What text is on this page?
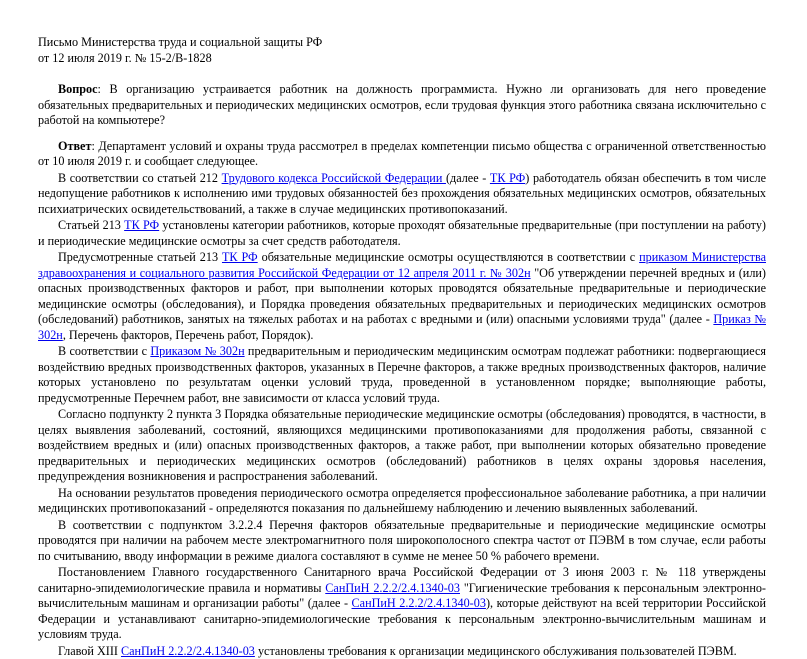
Письмо Министерства труда и социальной защиты РФ
от 12 июля 2019 г. № 15-2/В-1828

Вопрос: В организацию устраивается работник на должность программиста. Нужно ли организовать для него проведение обязательных предварительных и периодических медицинских осмотров, если трудовая функция этого работника связана исключительно с работой на компьютере?

Ответ: Департамент условий и охраны труда рассмотрел в пределах компетенции письмо общества с ограниченной ответственностью от 10 июля 2019 г. и сообщает следующее.

В соответствии со статьей 212 Трудового кодекса Российской Федерации (далее - ТК РФ) работодатель обязан обеспечить в том числе недопущение работников к исполнению ими трудовых обязанностей без прохождения обязательных медицинских осмотров, обязательных психиатрических освидетельствований, а также в случае медицинских противопоказаний.

Статьей 213 ТК РФ установлены категории работников, которые проходят обязательные предварительные (при поступлении на работу) и периодические медицинские осмотры за счет средств работодателя.

Предусмотренные статьей 213 ТК РФ обязательные медицинские осмотры осуществляются в соответствии с приказом Министерства здравоохранения и социального развития Российской Федерации от 12 апреля 2011 г. № 302н "Об утверждении перечней вредных и (или) опасных производственных факторов и работ, при выполнении которых проводятся обязательные предварительные и периодические медицинские осмотры (обследования), и Порядка проведения обязательных предварительных и периодических медицинских осмотров (обследований) работников, занятых на тяжелых работах и на работах с вредными и (или) опасными условиями труда" (далее - Приказ № 302н, Перечень факторов, Перечень работ, Порядок).

В соответствии с Приказом № 302н предварительным и периодическим медицинским осмотрам подлежат работники: подвергающиеся воздействию вредных производственных факторов, указанных в Перечне факторов, а также вредных производственных факторов, наличие которых установлено по результатам оценки условий труда, проведенной в установленном порядке; выполняющие работы, предусмотренные Перечнем работ, вне зависимости от класса условий труда.

Согласно подпункту 2 пункта 3 Порядка обязательные периодические медицинские осмотры (обследования) проводятся, в частности, в целях выявления заболеваний, состояний, являющихся медицинскими противопоказаниями для продолжения работы, связанной с воздействием вредных и (или) опасных производственных факторов, а также работ, при выполнении которых обязательно проведение предварительных и периодических медицинских осмотров (обследований) работников в целях охраны здоровья населения, предупреждения возникновения и распространения заболеваний.

На основании результатов проведения периодического осмотра определяется профессиональное заболевание работника, а при наличии медицинских противопоказаний - определяются показания по дальнейшему наблюдению и лечению выявленных заболеваний.

В соответствии с подпунктом 3.2.2.4 Перечня факторов обязательные предварительные и периодические медицинские осмотры проводятся при наличии на рабочем месте электромагнитного поля широкополосного спектра частот от ПЭВМ в том случае, если работы по считыванию, вводу информации в режиме диалога составляют в сумме не менее 50 % рабочего времени.

Постановлением Главного государственного Санитарного врача Российской Федерации от 3 июня 2003 г. № 118 утверждены санитарно-эпидемиологические правила и нормативы СанПиН 2.2.2/2.4.1340-03 "Гигиенические требования к персональным электронно-вычислительным машинам и организации работы" (далее - СанПиН 2.2.2/2.4.1340-03), которые действуют на всей территории Российской Федерации и устанавливают санитарно-эпидемиологические требования к персональным электронно-вычислительным машинам и условиям труда.

Главой XIII СанПиН 2.2.2/2.4.1340-03 установлены требования к организации медицинского обслуживания пользователей ПЭВМ.
